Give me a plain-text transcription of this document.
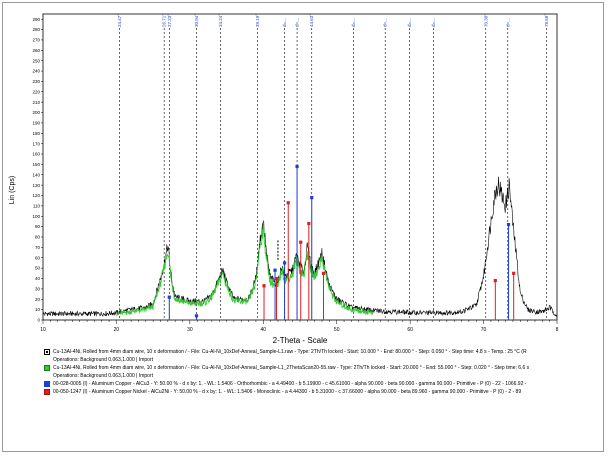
24.47°	26.71° 27.23°	30.94°	34.24°	39.19°	d=... d=... 44.63°	d=...	d=...	d=...	d=...	70.30°	d=...	78.58°
0
10
20
30
40
50
60
70
80
90
100
110
120
130
140
150
160
170
180
190
200
210
220
230
240
250
260
270
280
290
10	20	30	40	50	60	70	8
Lin (Cps)
2-Theta - Scale
Cu-13Al-4Ni, Rolled from 4mm diam wire, 10 x deformation / - File: Cu-Al-Ni_10xDef-Anneal_Sample-L1.raw - Type: 2Th/Th locked - Start: 10.000 ° - End: 80.000 ° - Step: 0.050 ° - Step time: 4.8 s - Temp.: 25 °C (R
Operations: Background 0.063,1.000 | Import
Cu-13Al-4Ni, Rolled from 4mm diam wire, 10 x deformation / - File: Cu-Al-Ni_10xDef-Anneal_Sample-L1_2ThetaScan20-55.raw - Type: 2Th/Th locked - Start: 20.000 ° - End: 55.000 ° - Step: 0.020 ° - Step time: 6.6 s
Operations: Background 0.063,1.000 | Import
00-028-0005 (I) - Aluminum Copper - AlCu3 - Y: 50.00 % - d x by: 1. - WL: 1.5406 - Orthorhombic - a 4.49400 - b 5.19900 - c 45.61000 - alpha 90.000 - beta 90.000 - gamma 90.000 - Primitive - P (0) - 22 - 1066.92 -
00-050-1247 (I) - Aluminum Copper Nickel - AlCu2Ni - Y: 50.00 % - d x by: 1. - WL: 1.5406 - Monoclinic - a 4.44300 - b 5.31000 - c 37.66000 - alpha 90.000 - beta 89.960 - gamma 90.000 - Primitive - P (0) - 2 - 89
